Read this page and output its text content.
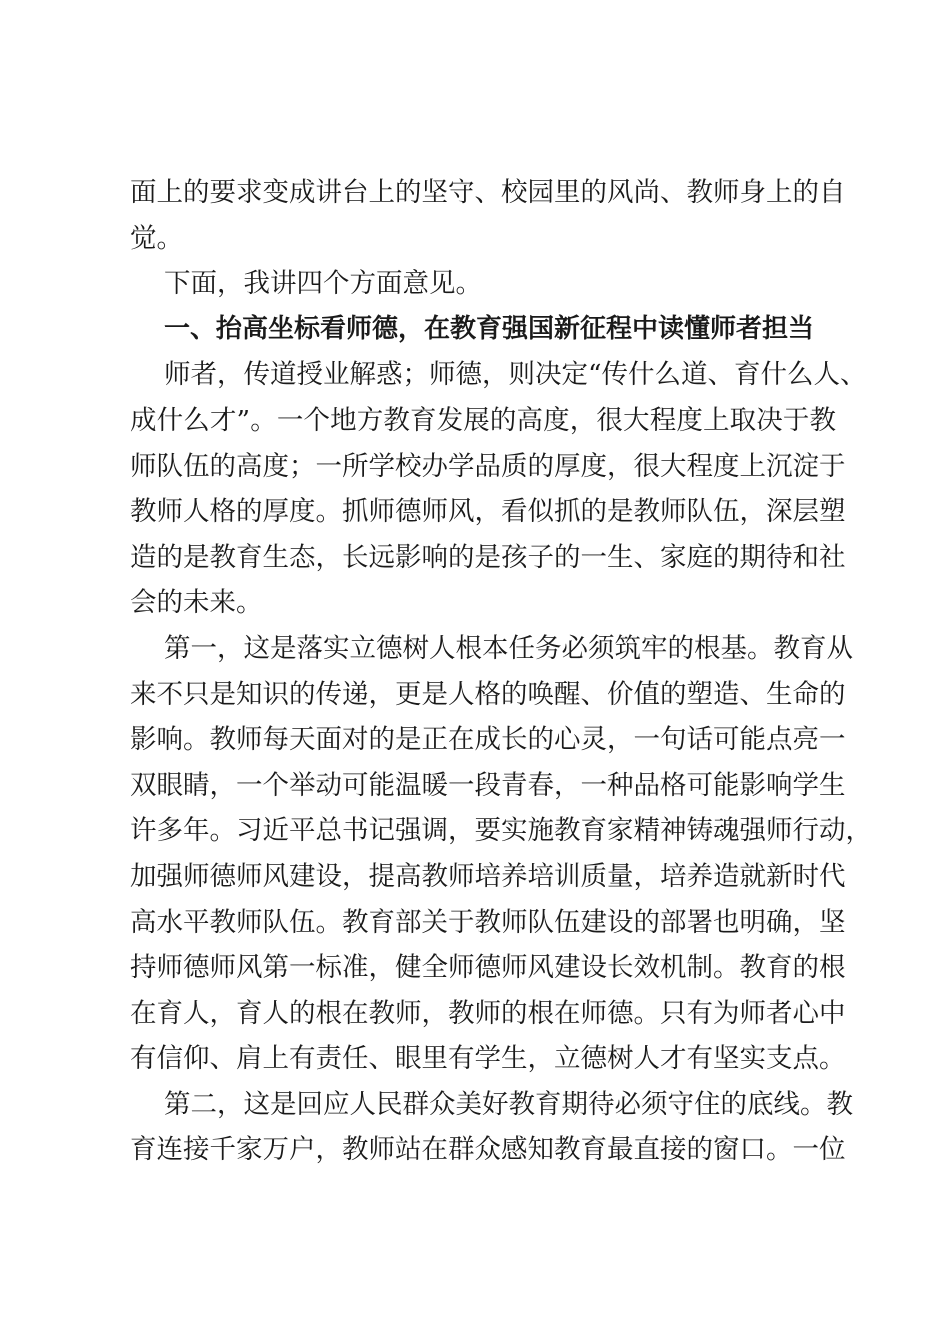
面上的要求变成讲台上的坚守、校园里的风尚、教师身上的自
觉。
下面，我讲四个方面意见。
一、抬高坐标看师德，在教育强国新征程中读懂师者担当
师者，传道授业解惑；师德，则决定“传什么道、育什么人、
成什么才”。一个地方教育发展的高度，很大程度上取决于教
师队伍的高度；一所学校办学品质的厚度，很大程度上沉淀于
教师人格的厚度。抓师德师风，看似抓的是教师队伍，深层塑
造的是教育生态，长远影响的是孩子的一生、家庭的期待和社
会的未来。
第一，这是落实立德树人根本任务必须筑牢的根基。教育从
来不只是知识的传递，更是人格的唤醒、价值的塑造、生命的
影响。教师每天面对的是正在成长的心灵，一句话可能点亮一
双眼睛，一个举动可能温暖一段青春，一种品格可能影响学生
许多年。习近平总书记强调，要实施教育家精神铸魂强师行动，
加强师德师风建设，提高教师培养培训质量，培养造就新时代
高水平教师队伍。教育部关于教师队伍建设的部署也明确，坚
持师德师风第一标准，健全师德师风建设长效机制。教育的根
在育人，育人的根在教师，教师的根在师德。只有为师者心中
有信仰、肩上有责任、眼里有学生，立德树人才有坚实支点。
第二，这是回应人民群众美好教育期待必须守住的底线。教
育连接千家万户，教师站在群众感知教育最直接的窗口。一位
